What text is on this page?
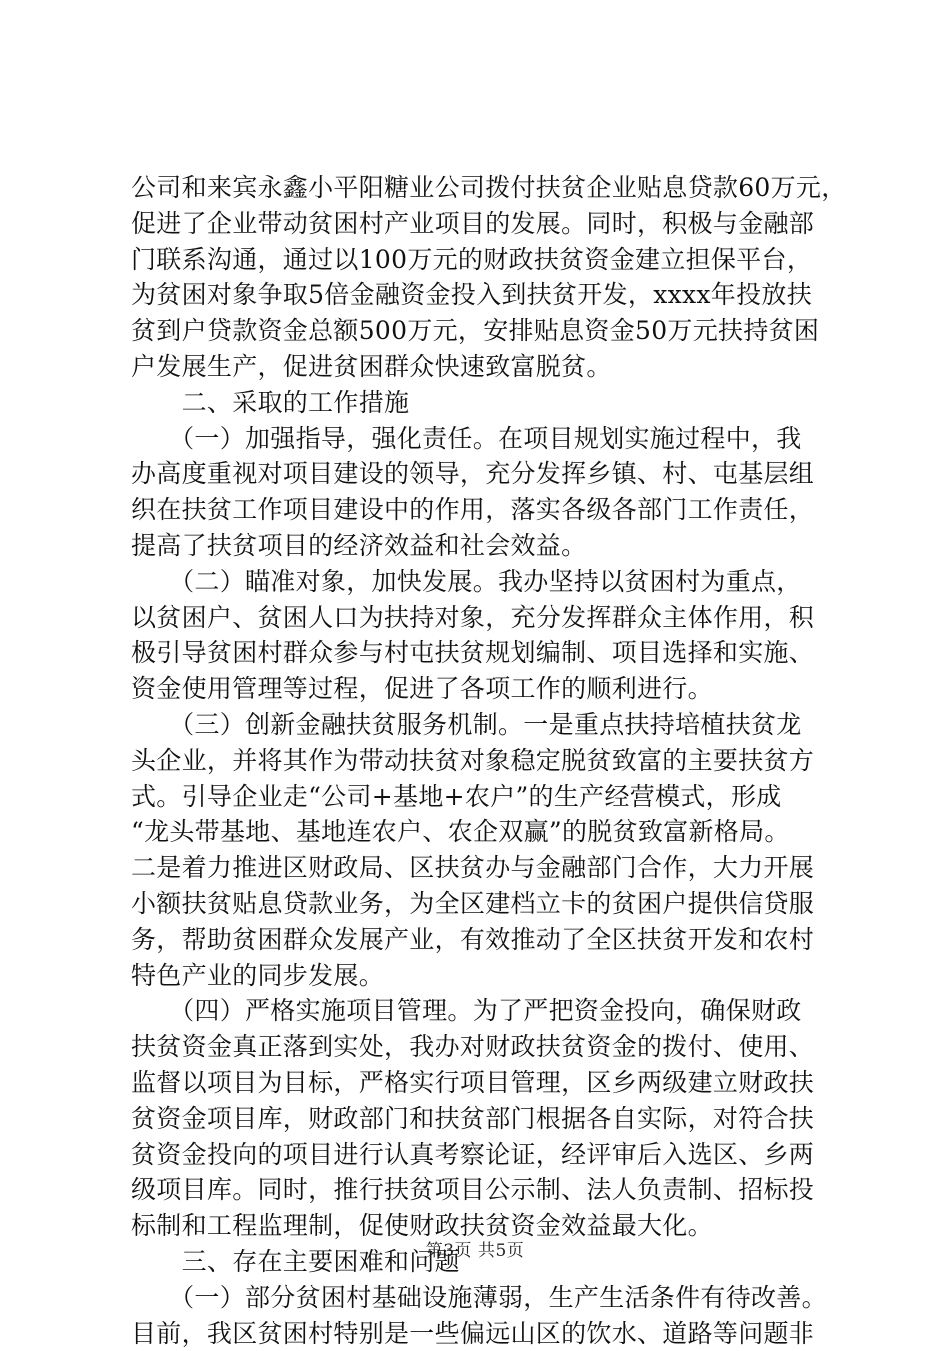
公司和来宾永鑫小平阳糖业公司拨付扶贫企业贴息贷款60万元，
促进了企业带动贫困村产业项目的发展。同时，积极与金融部
门联系沟通，通过以100万元的财政扶贫资金建立担保平台，
为贫困对象争取5倍金融资金投入到扶贫开发，xxxx年投放扶
贫到户贷款资金总额500万元，安排贴息资金50万元扶持贫困
户发展生产，促进贫困群众快速致富脱贫。
　　二、采取的工作措施
　　（一）加强指导，强化责任。在项目规划实施过程中，我
办高度重视对项目建设的领导，充分发挥乡镇、村、屯基层组
织在扶贫工作项目建设中的作用，落实各级各部门工作责任，
提高了扶贫项目的经济效益和社会效益。
　　（二）瞄准对象，加快发展。我办坚持以贫困村为重点，
以贫困户、贫困人口为扶持对象，充分发挥群众主体作用，积
极引导贫困村群众参与村屯扶贫规划编制、项目选择和实施、
资金使用管理等过程，促进了各项工作的顺利进行。
　　（三）创新金融扶贫服务机制。一是重点扶持培植扶贫龙
头企业，并将其作为带动扶贫对象稳定脱贫致富的主要扶贫方
式。引导企业走“公司+基地+农户”的生产经营模式，形成
“龙头带基地、基地连农户、农企双赢”的脱贫致富新格局。
二是着力推进区财政局、区扶贫办与金融部门合作，大力开展
小额扶贫贴息贷款业务，为全区建档立卡的贫困户提供信贷服
务，帮助贫困群众发展产业，有效推动了全区扶贫开发和农村
特色产业的同步发展。
　　（四）严格实施项目管理。为了严把资金投向，确保财政
扶贫资金真正落到实处，我办对财政扶贫资金的拨付、使用、
监督以项目为目标，严格实行项目管理，区乡两级建立财政扶
贫资金项目库，财政部门和扶贫部门根据各自实际，对符合扶
贫资金投向的项目进行认真考察论证，经评审后入选区、乡两
级项目库。同时，推行扶贫项目公示制、法人负责制、招标投
标制和工程监理制，促使财政扶贫资金效益最大化。
　　三、存在主要困难和问题
　　（一）部分贫困村基础设施薄弱，生产生活条件有待改善。
目前，我区贫困村特别是一些偏远山区的饮水、道路等问题非
第3页 共5页
